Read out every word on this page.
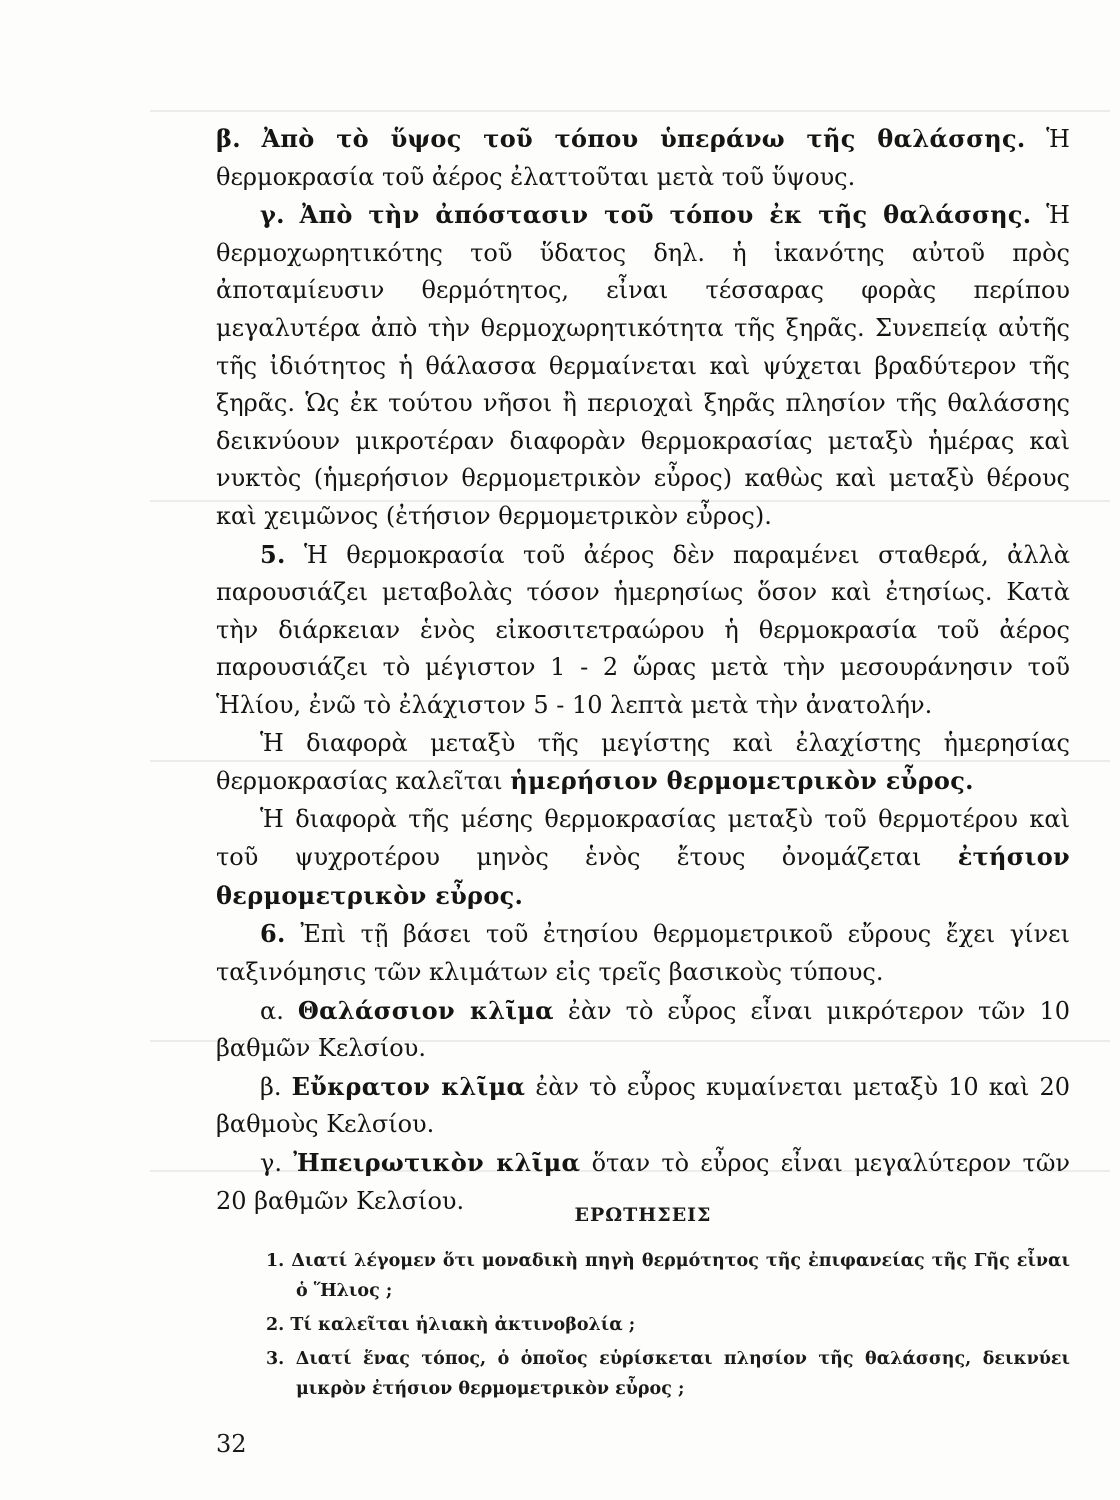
β. Ἀπὸ τὸ ὕψος τοῦ τόπου ὑπεράνω τῆς θαλάσσης. Ἡ θερμοκρασία τοῦ ἀέρος ἐλαττοῦται μετὰ τοῦ ὕψους.

γ. Ἀπὸ τὴν ἀπόστασιν τοῦ τόπου ἐκ τῆς θαλάσσης. Ἡ θερμοχωρητικότης τοῦ ὕδατος δηλ. ἡ ἱκανότης αὐτοῦ πρὸς ἀποταμίευσιν θερμότητος, εἶναι τέσσαρας φορὰς περίπου μεγαλυτέρα ἀπὸ τὴν θερμοχωρητικότητα τῆς ξηρᾶς. Συνεπείᾳ αὐτῆς τῆς ἰδιότητος ἡ θάλασσα θερμαίνεται καὶ ψύχεται βραδύτερον τῆς ξηρᾶς. Ὡς ἐκ τούτου νῆσοι ἢ περιοχαὶ ξηρᾶς πλησίον τῆς θαλάσσης δεικνύουν μικροτέραν διαφορὰν θερμοκρασίας μεταξὺ ἡμέρας καὶ νυκτὸς (ἡμερήσιον θερμομετρικὸν εὖρος) καθὼς καὶ μεταξὺ θέρους καὶ χειμῶνος (ἐτήσιον θερμομετρικὸν εὖρος).

5. Ἡ θερμοκρασία τοῦ ἀέρος δὲν παραμένει σταθερά, ἀλλὰ παρουσιάζει μεταβολὰς τόσον ἡμερησίως ὅσον καὶ ἐτησίως. Κατὰ τὴν διάρκειαν ἑνὸς εἰκοσιτετραώρου ἡ θερμοκρασία τοῦ ἀέρος παρουσιάζει τὸ μέγιστον 1 - 2 ὥρας μετὰ τὴν μεσουράνησιν τοῦ Ἡλίου, ἐνῶ τὸ ἐλάχιστον 5 - 10 λεπτὰ μετὰ τὴν ἀνατολήν.

Ἡ διαφορὰ μεταξὺ τῆς μεγίστης καὶ ἐλαχίστης ἡμερησίας θερμοκρασίας καλεῖται ἡμερήσιον θερμομετρικὸν εὖρος.

Ἡ διαφορὰ τῆς μέσης θερμοκρασίας μεταξὺ τοῦ θερμοτέρου καὶ τοῦ ψυχροτέρου μηνὸς ἑνὸς ἔτους ὀνομάζεται ἐτήσιον θερμομετρικὸν εὖρος.

6. Ἐπὶ τῇ βάσει τοῦ ἐτησίου θερμομετρικοῦ εὔρους ἔχει γίνει ταξινόμησις τῶν κλιμάτων εἰς τρεῖς βασικοὺς τύπους.

α. Θαλάσσιον κλῖμα ἐὰν τὸ εὖρος εἶναι μικρότερον τῶν 10 βαθμῶν Κελσίου.

β. Εὔκρατον κλῖμα ἐὰν τὸ εὖρος κυμαίνεται μεταξὺ 10 καὶ 20 βαθμοὺς Κελσίου.

γ. Ἠπειρωτικὸν κλῖμα ὅταν τὸ εὖρος εἶναι μεγαλύτερον τῶν 20 βαθμῶν Κελσίου.

ΕΡΩΤΗΣΕΙΣ

1. Διατί λέγομεν ὅτι μοναδικὴ πηγὴ θερμότητος τῆς ἐπιφανείας τῆς Γῆς εἶναι ὁ Ἥλιος ;

2. Τί καλεῖται ἡλιακὴ ἀκτινοβολία ;

3. Διατί ἕνας τόπος, ὁ ὁποῖος εὑρίσκεται πλησίον τῆς θαλάσσης, δεικνύει μικρὸν ἐτήσιον θερμομετρικὸν εὖρος ;

32
